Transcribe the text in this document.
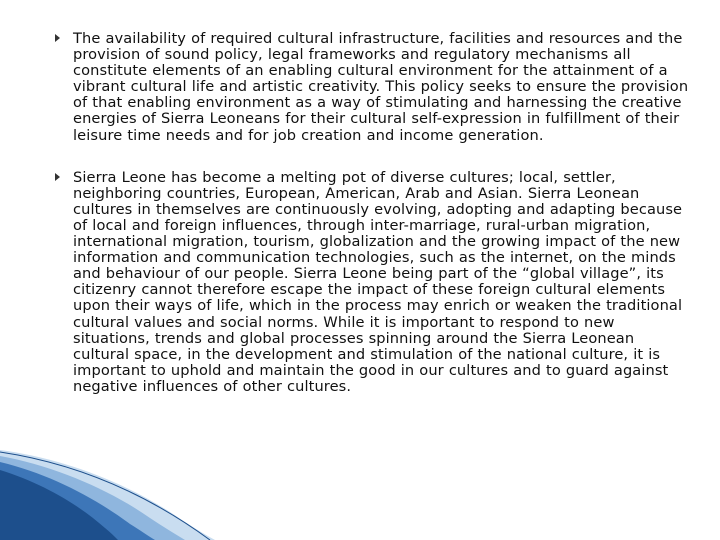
The availability of required cultural infrastructure, facilities and resources and the provision of sound policy, legal frameworks and regulatory mechanisms all constitute elements of an enabling cultural environment for the attainment of a vibrant cultural life and artistic creativity. This policy seeks to ensure the provision of that enabling environment as a way of stimulating and harnessing the creative energies of Sierra Leoneans for their cultural self-expression in fulfillment of their leisure time needs and for job creation and income generation.
Sierra Leone has become a melting pot of diverse cultures; local, settler, neighboring countries, European, American, Arab and Asian. Sierra Leonean cultures in themselves are continuously evolving, adopting and adapting because of local and foreign influences, through inter-marriage, rural-urban migration, international migration, tourism, globalization and the growing impact of the new information and communication technologies, such as the internet, on the minds and behaviour of our people. Sierra Leone being part of the “global village”, its citizenry cannot therefore escape the impact of these foreign cultural elements upon their ways of life, which in the process may enrich or weaken the traditional cultural values and social norms. While it is important to respond to new situations, trends and global processes spinning around the Sierra Leonean cultural space, in the development and stimulation of the national culture, it is important to uphold and maintain the good in our cultures and to guard against negative influences of other cultures.
